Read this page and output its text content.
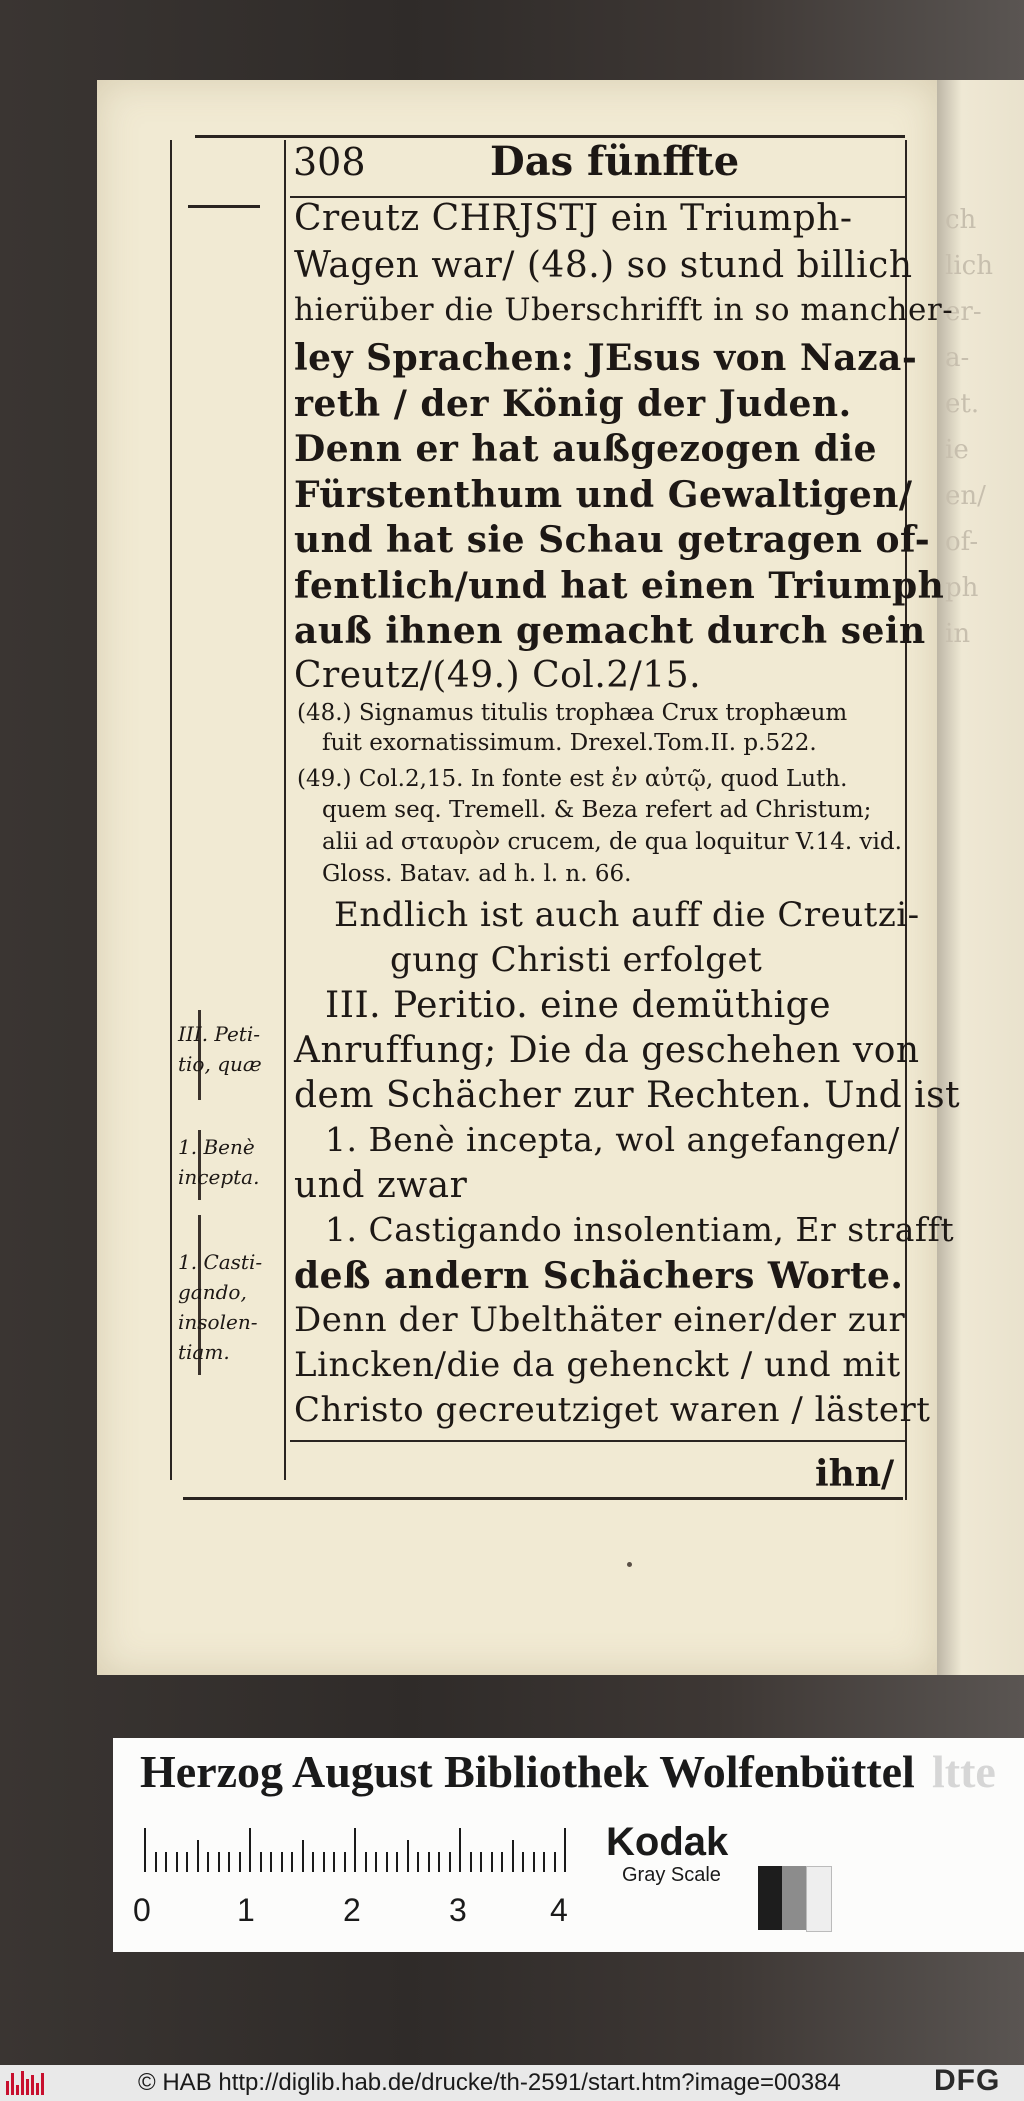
ch
lich
er-
a-
et.
ie
en/
of-
ph
in
308	Das fünffte
Creutz CHRJSTJ ein Triumph-
Wagen war/ (48.) so stund billich
hierüber die Uberschrifft in so mancher-
ley Sprachen: JEsus von Naza-
reth / der König der Juden.
Denn er hat außgezogen die
Fürstenthum und Gewaltigen/
und hat sie Schau getragen of-
fentlich/und hat einen Triumph
auß ihnen gemacht durch sein
Creutz/(49.) Col.2/15.
(48.) Signamus titulis trophæa Crux trophæum
fuit exornatissimum. Drexel.Tom.II. p.522.
(49.) Col.2,15. In fonte est ἐν αὐτῷ, quod Luth.
quem seq. Tremell. & Beza refert ad Christum;
alii ad σταυρὸν crucem, de qua loquitur V.14. vid.
Gloss. Batav. ad h. l. n. 66.
Endlich ist auch auff die Creutzi-
gung Christi erfolget
III. Peritio. eine demüthige
Anruffung; Die da geschehen von
dem Schächer zur Rechten. Und ist
1. Benè incepta, wol angefangen/
und zwar
1. Castigando insolentiam, Er strafft
deß andern Schächers Worte.
Denn der Ubelthäter einer/der zur
Lincken/die da gehenckt / und mit
Christo gecreutziget waren / lästert
ihn/
III. Peti-
tio, quæ
1. Benè
incepta.
1. Casti-
gando,
insolen-
tiam.
Herzog August Bibliothek Wolfenbüttel ltte
0	1	2	3	4
Kodak
Gray Scale
© HAB http://diglib.hab.de/drucke/th-2591/start.htm?image=00384	DFG
